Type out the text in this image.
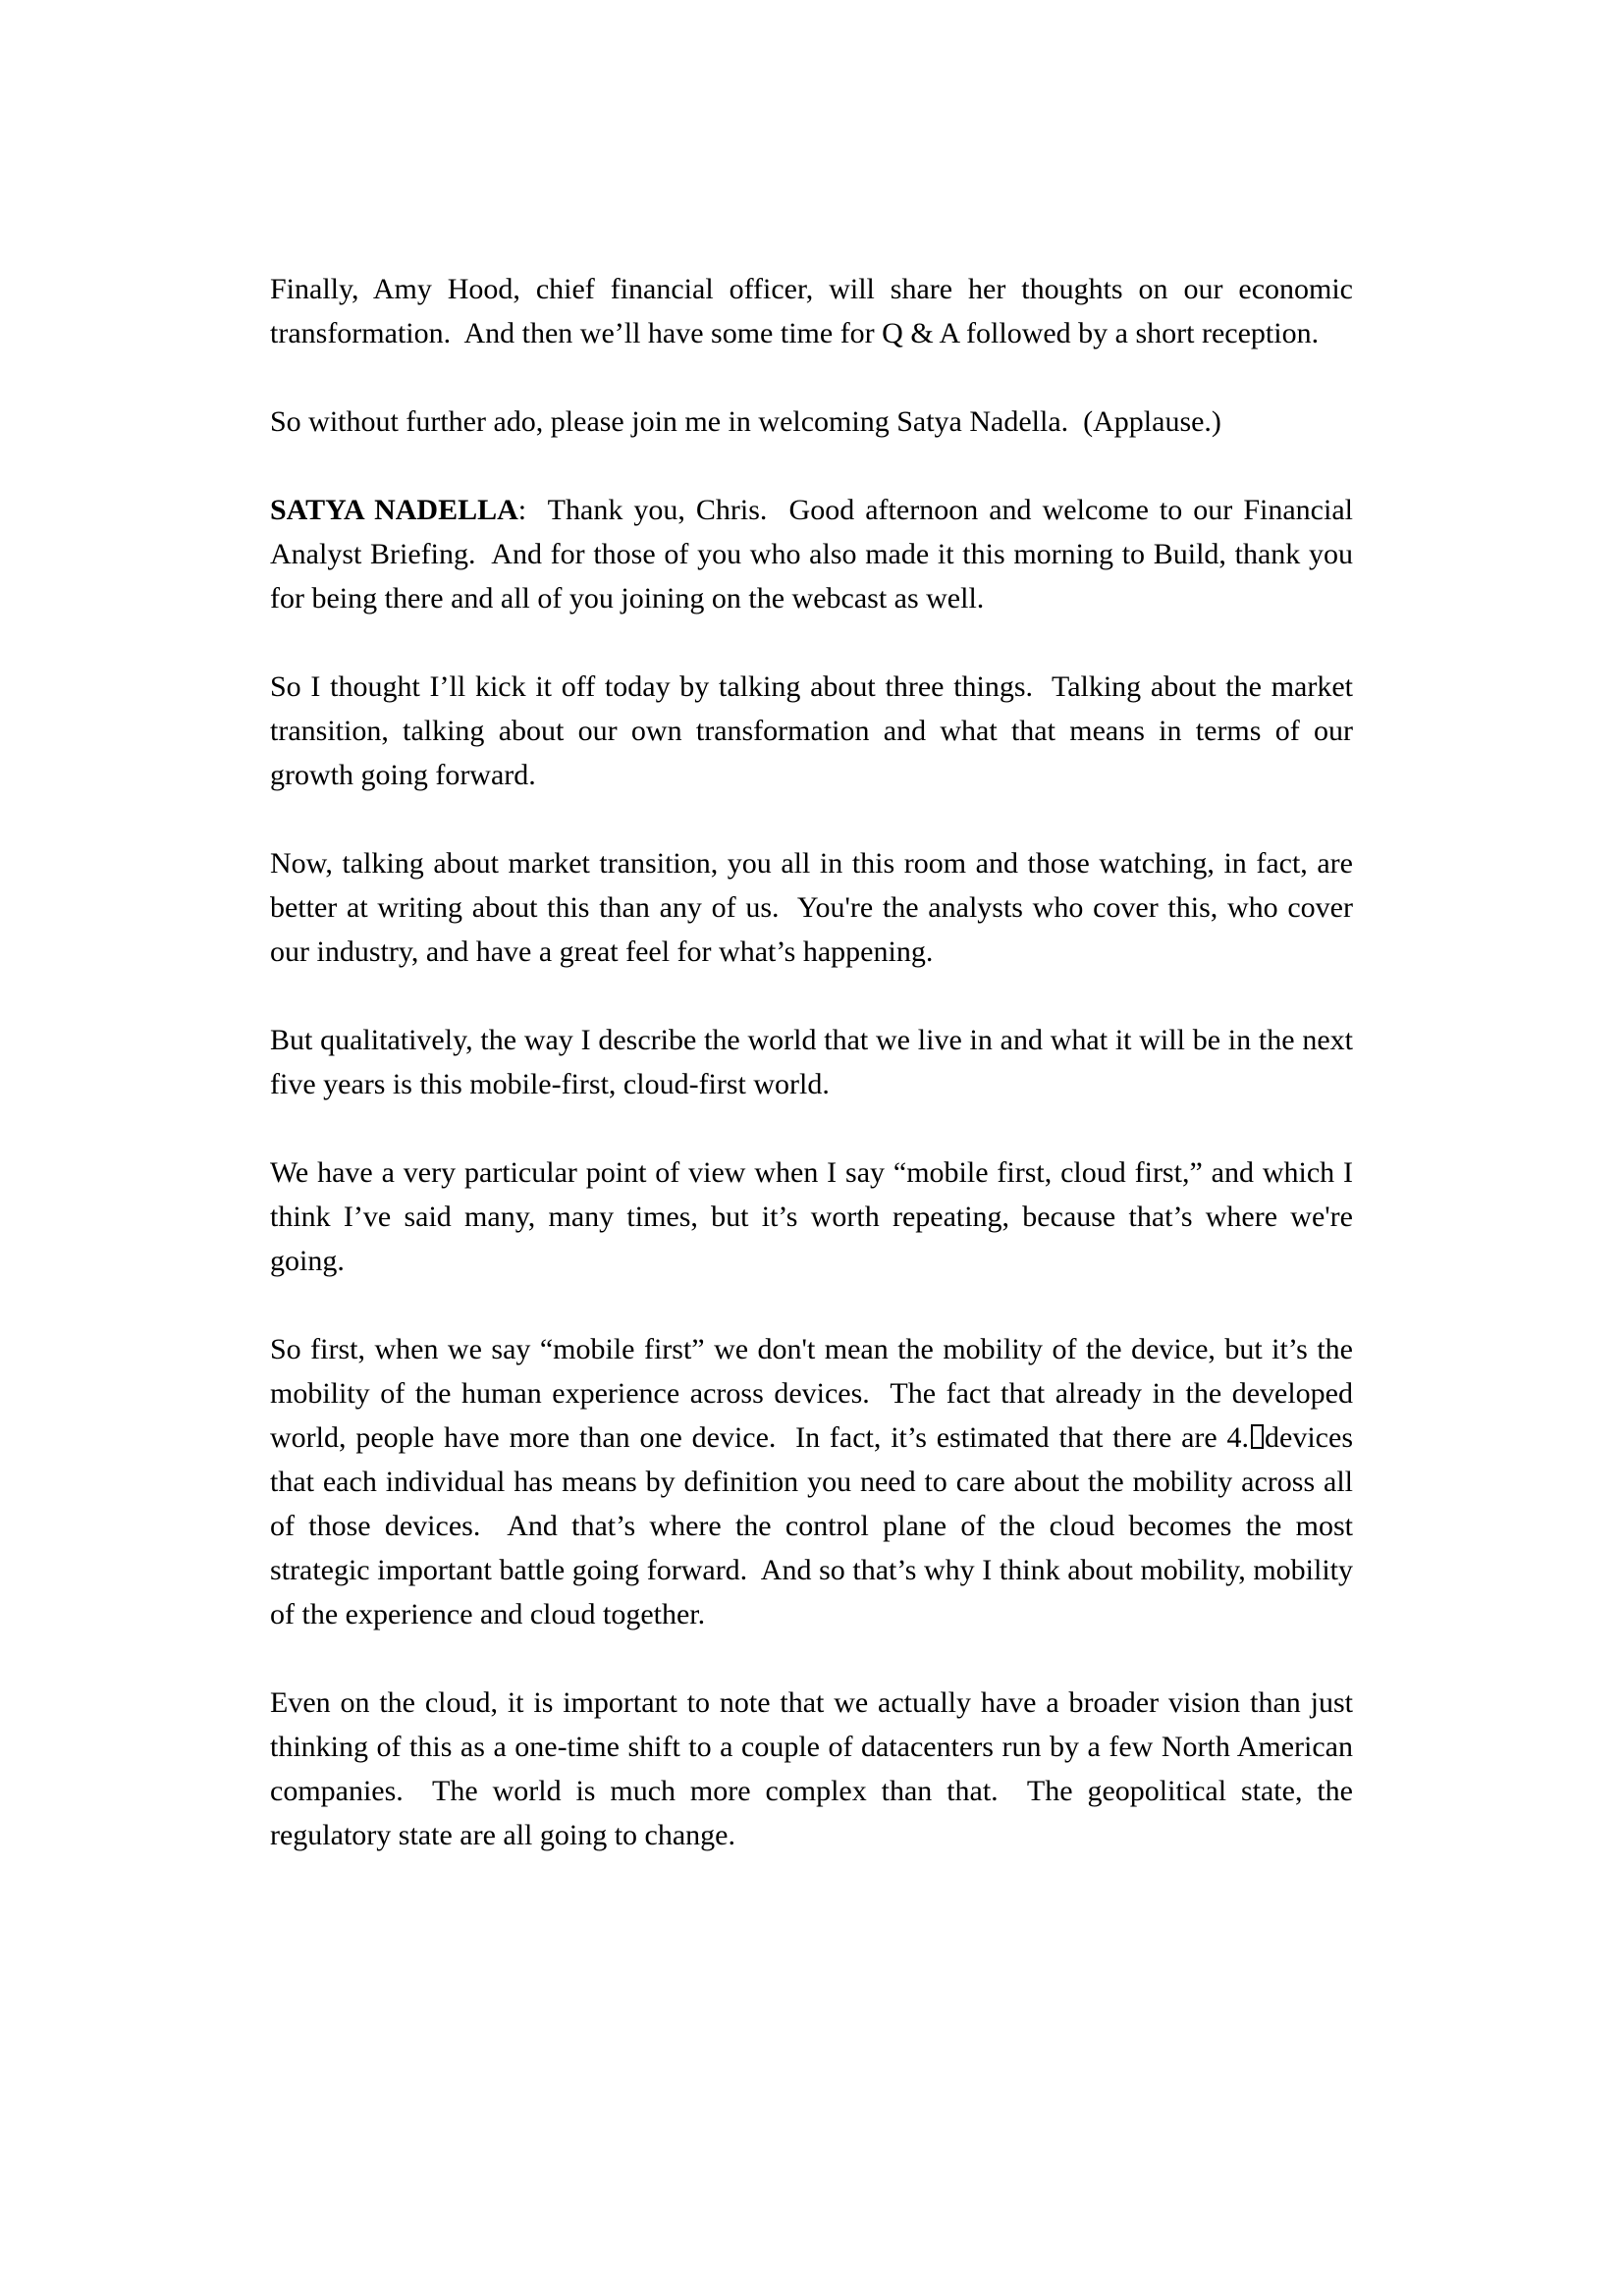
Finally, Amy Hood, chief financial officer, will share her thoughts on our economic transformation.  And then we’ll have some time for Q & A followed by a short reception.

So without further ado, please join me in welcoming Satya Nadella.  (Applause.)

SATYA NADELLA:  Thank you, Chris.  Good afternoon and welcome to our Financial Analyst Briefing.  And for those of you who also made it this morning to Build, thank you for being there and all of you joining on the webcast as well.

So I thought I’ll kick it off today by talking about three things.  Talking about the market transition, talking about our own transformation and what that means in terms of our growth going forward.

Now, talking about market transition, you all in this room and those watching, in fact, are better at writing about this than any of us.  You're the analysts who cover this, who cover our industry, and have a great feel for what’s happening.

But qualitatively, the way I describe the world that we live in and what it will be in the next five years is this mobile-first, cloud-first world.

We have a very particular point of view when I say “mobile first, cloud first,” and which I think I’ve said many, many times, but it’s worth repeating, because that’s where we're going.

So first, when we say “mobile first” we don't mean the mobility of the device, but it’s the mobility of the human experience across devices.  The fact that already in the developed world, people have more than one device.  In fact, it’s estimated that there are 4. devices that each individual has means by definition you need to care about the mobility across all of those devices.  And that’s where the control plane of the cloud becomes the most strategic important battle going forward.  And so that’s why I think about mobility, mobility of the experience and cloud together.

Even on the cloud, it is important to note that we actually have a broader vision than just thinking of this as a one-time shift to a couple of datacenters run by a few North American companies.  The world is much more complex than that.  The geopolitical state, the regulatory state are all going to change.
